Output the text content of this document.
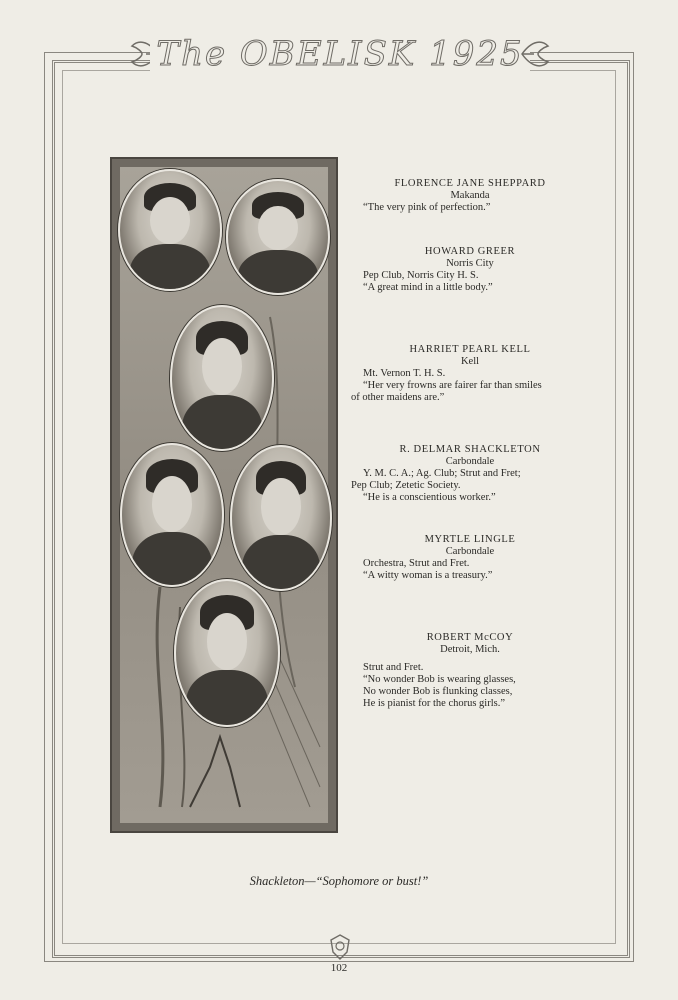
The OBELISK 1925
FLORENCE JANE SHEPPARD
Makanda
“The very pink of perfection.”
HOWARD GREER
Norris City
Pep Club, Norris City H. S.
“A great mind in a little body.”
HARRIET PEARL KELL
Kell
Mt. Vernon T. H. S.
“Her very frowns are fairer far than smiles
of other maidens are.”
R. DELMAR SHACKLETON
Carbondale
Y. M. C. A.; Ag. Club; Strut and Fret;
Pep Club; Zetetic Society.
“He is a conscientious worker.”
MYRTLE LINGLE
Carbondale
Orchestra, Strut and Fret.
“A witty woman is a treasury.”
ROBERT McCOY
Detroit, Mich.
Strut and Fret.
“No wonder Bob is wearing glasses,
No wonder Bob is flunking classes,
He is pianist for the chorus girls.”
Shackleton—“Sophomore or bust!”
102
